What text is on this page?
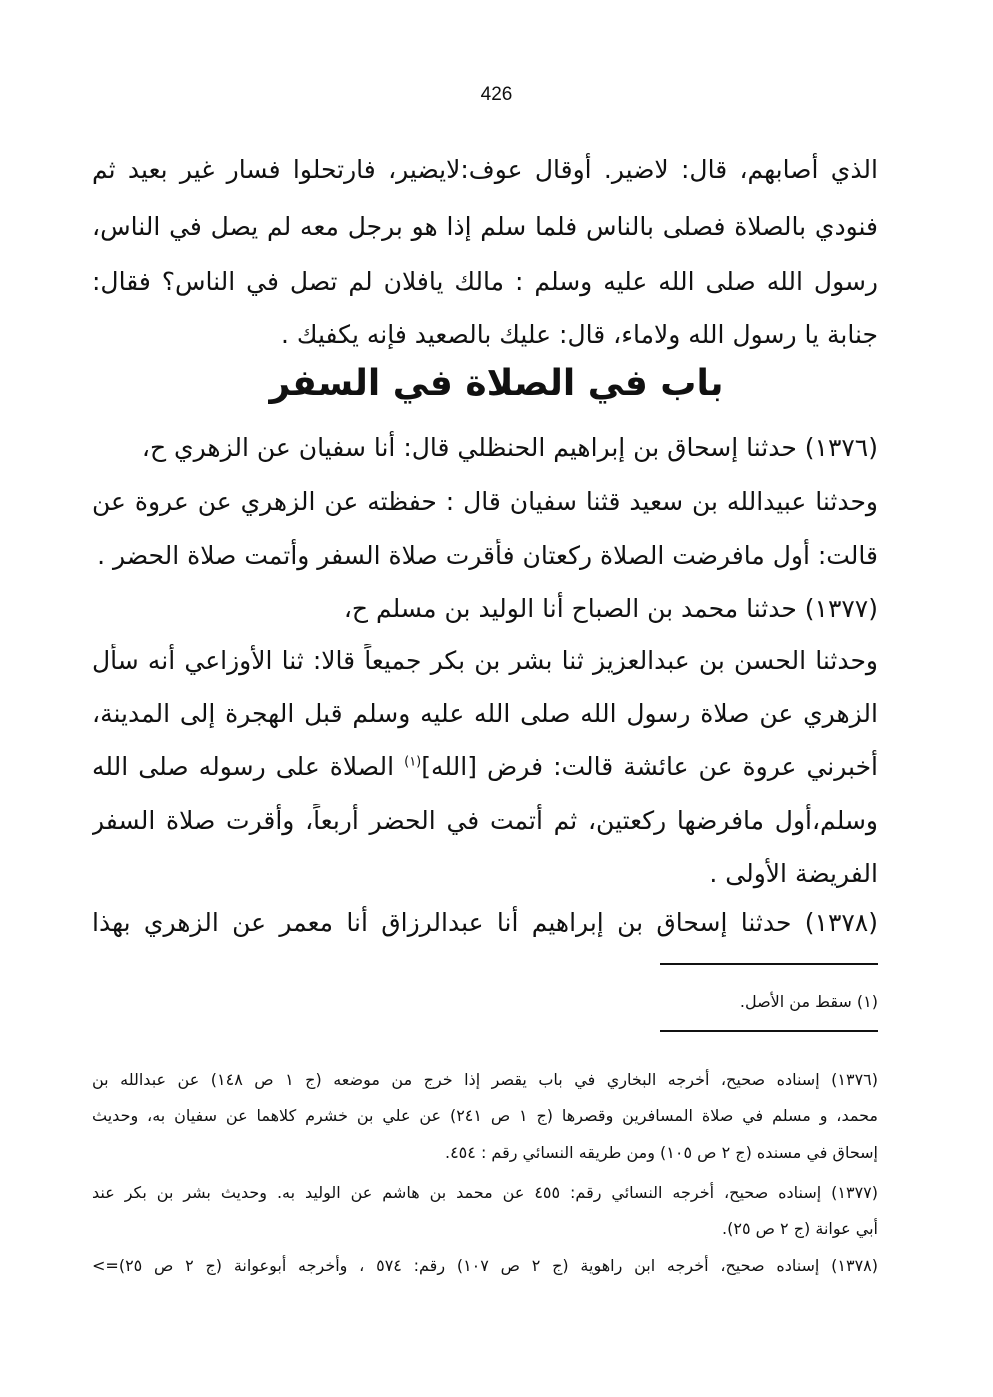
426
الذي أصابهم، قال: لاضير. أوقال عوف:لايضير، فارتحلوا فسار غير بعيد ثم
فنودي بالصلاة فصلى بالناس فلما سلم إذا هو برجل معه لم يصل في الناس،
رسول الله صلى الله عليه وسلم : مالك يافلان لم تصل في الناس؟ فقال:
جنابة يا رسول الله ولاماء، قال: عليك بالصعيد فإنه يكفيك .
باب في الصلاة في السفر
(١٣٧٦) حدثنا إسحاق بن إبراهيم الحنظلي قال: أنا سفيان عن الزهري ح،
وحدثنا عبيدالله بن سعيد قثنا سفيان قال : حفظته عن الزهري عن عروة عن
قالت: أول مافرضت الصلاة ركعتان فأقرت صلاة السفر وأتمت صلاة الحضر .
(١٣٧٧) حدثنا محمد بن الصباح أنا الوليد بن مسلم ح،
وحدثنا الحسن بن عبدالعزيز ثنا بشر بن بكر جميعاً قالا: ثنا الأوزاعي أنه سأل
الزهري عن صلاة رسول الله صلى الله عليه وسلم قبل الهجرة إلى المدينة،
أخبرني عروة عن عائشة قالت: فرض [الله]$^{(١)}$ الصلاة على رسوله صلى الله
وسلم،أول مافرضها ركعتين، ثم أتمت في الحضر أربعاً، وأقرت صلاة السفر
الفريضة الأولى .
(١٣٧٨) حدثنا إسحاق بن إبراهيم أنا عبدالرزاق أنا معمر عن الزهري بهذا
(١) سقط من الأصل.
(١٣٧٦) إسناده صحيح، أخرجه البخاري في باب يقصر إذا خرج من موضعه (ج ١ ص ١٤٨) عن عبدالله بن
محمد، و مسلم في صلاة المسافرين وقصرها (ج ١ ص ٢٤١) عن علي بن خشرم كلاهما عن سفيان به، وحديث
إسحاق في مسنده (ج ٢ ص ١٠٥) ومن طريقه النسائي رقم : ٤٥٤.
(١٣٧٧) إسناده صحيح، أخرجه النسائي رقم: ٤٥٥ عن محمد بن هاشم عن الوليد به. وحديث بشر بن بكر عند
أبي عوانة (ج ٢ ص ٢٥).
(١٣٧٨) إسناده صحيح، أخرجه ابن راهوية (ج ٢ ص ١٠٧) رقم: ٥٧٤ ، وأخرجه أبوعوانة (ج ٢ ص ٢٥)=>
